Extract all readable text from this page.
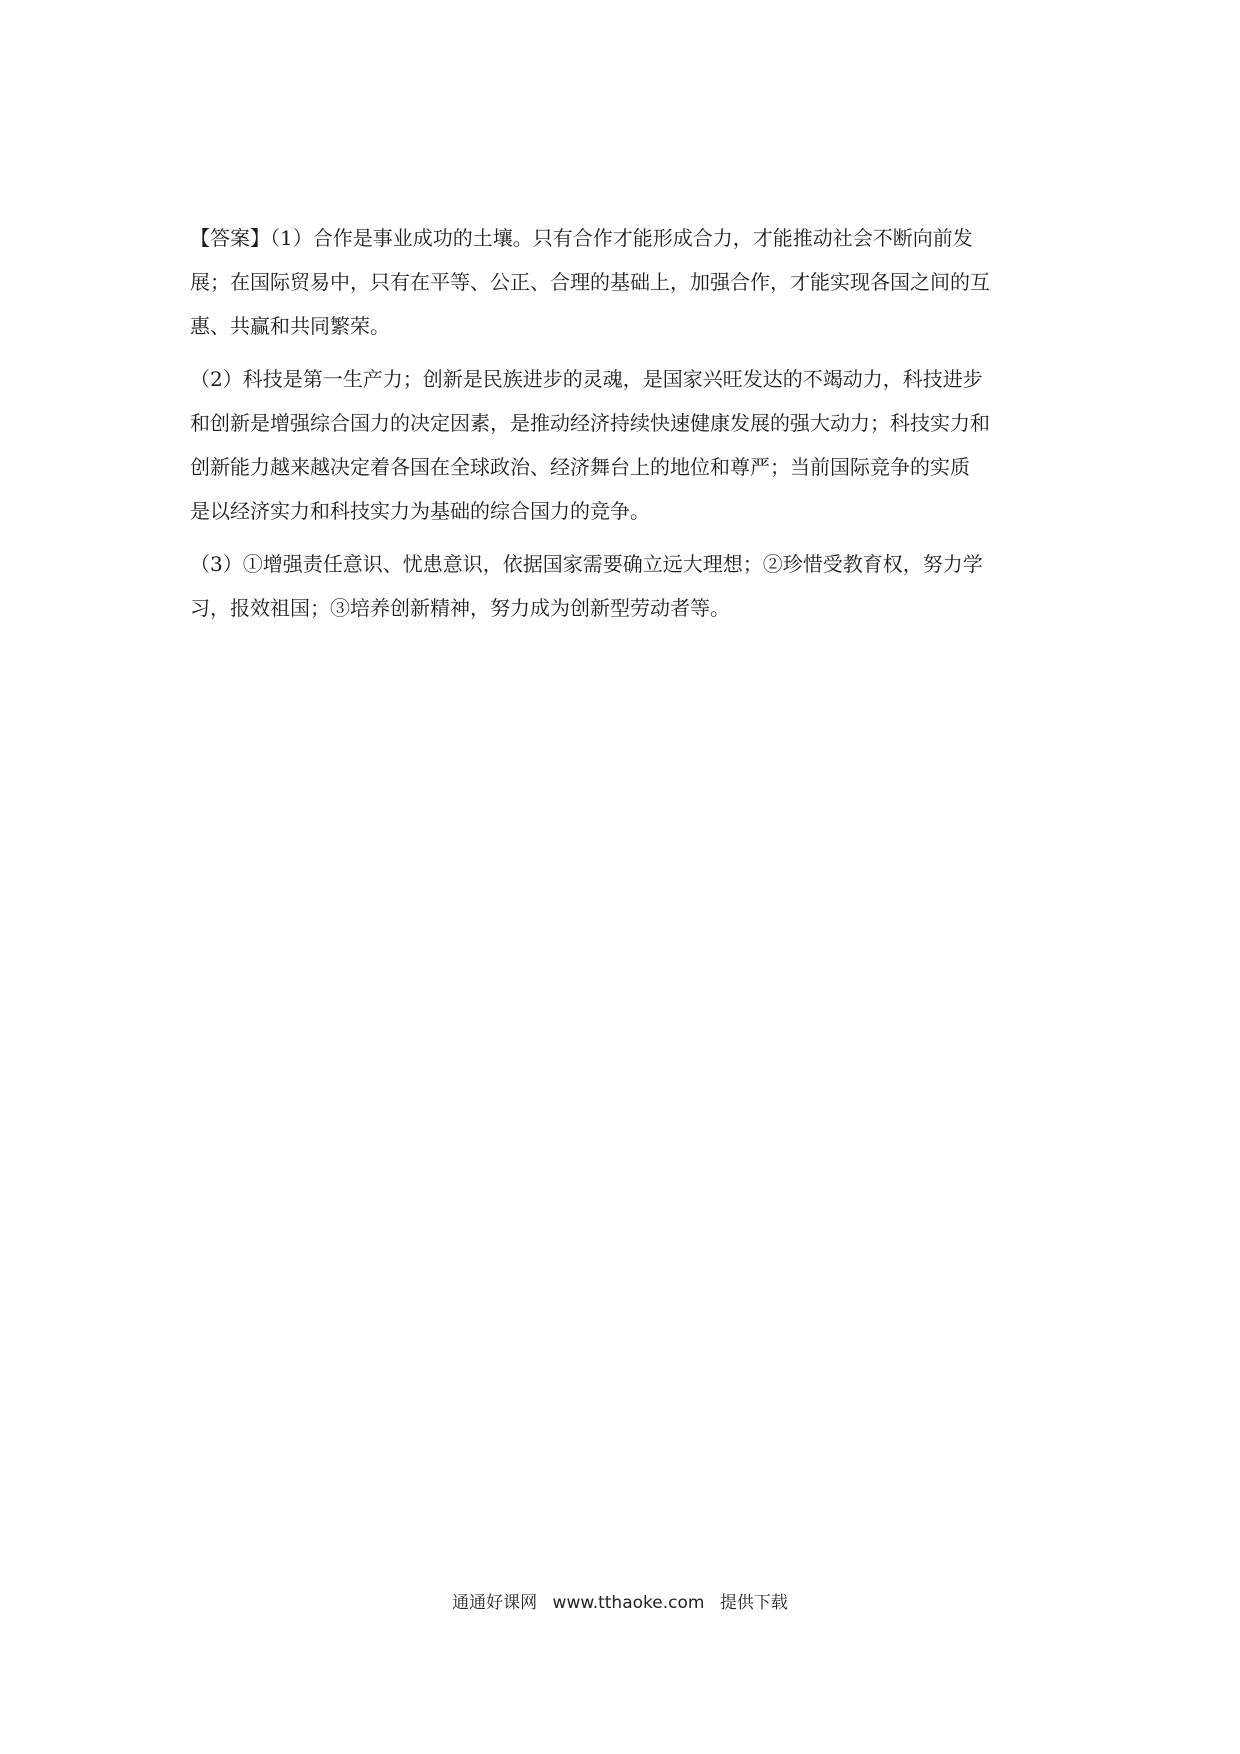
【答案】（1）合作是事业成功的土壤。只有合作才能形成合力，才能推动社会不断向前发
展；在国际贸易中，只有在平等、公正、合理的基础上，加强合作，才能实现各国之间的互
惠、共赢和共同繁荣。
（2）科技是第一生产力；创新是民族进步的灵魂，是国家兴旺发达的不竭动力，科技进步
和创新是增强综合国力的决定因素，是推动经济持续快速健康发展的强大动力；科技实力和
创新能力越来越决定着各国在全球政治、经济舞台上的地位和尊严；当前国际竞争的实质
是以经济实力和科技实力为基础的综合国力的竞争。
（3）①增强责任意识、忧患意识，依据国家需要确立远大理想；②珍惜受教育权，努力学
习，报效祖国；③培养创新精神，努力成为创新型劳动者等。
通通好课网 www.tthaoke.com 提供下载
